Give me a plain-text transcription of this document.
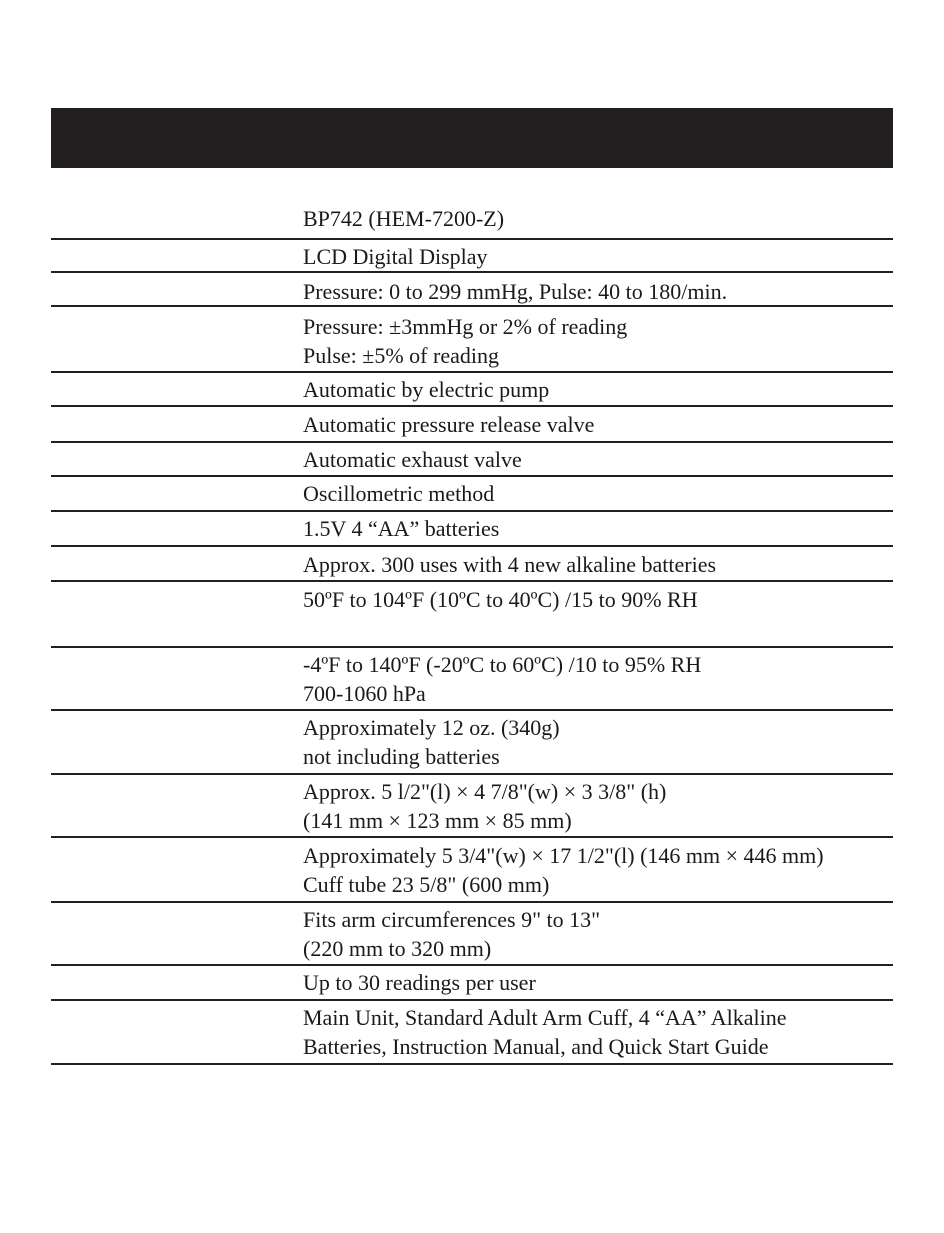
BP742 (HEM-7200-Z)
LCD Digital Display
Pressure: 0 to 299 mmHg, Pulse: 40 to 180/min.
Pressure: ±3mmHg or 2% of reading
Pulse: ±5% of reading
Automatic by electric pump
Automatic pressure release valve
Automatic exhaust valve
Oscillometric method
1.5V 4 “AA” batteries
Approx. 300 uses with 4 new alkaline batteries
50ºF to 104ºF (10ºC to 40ºC) /15 to 90% RH
-4ºF to 140ºF (-20ºC to 60ºC) /10 to 95% RH
700-1060 hPa
Approximately 12 oz. (340g)
not including batteries
Approx. 5 l/2"(l) × 4 7/8"(w) × 3 3/8" (h)
(141 mm × 123 mm × 85 mm)
Approximately 5 3/4"(w) × 17 1/2"(l) (146 mm × 446 mm)
Cuff tube 23 5/8" (600 mm)
Fits arm circumferences 9" to 13"
(220 mm to 320 mm)
Up to 30 readings per user
Main Unit, Standard Adult Arm Cuff, 4 “AA” Alkaline
Batteries, Instruction Manual, and Quick Start Guide
